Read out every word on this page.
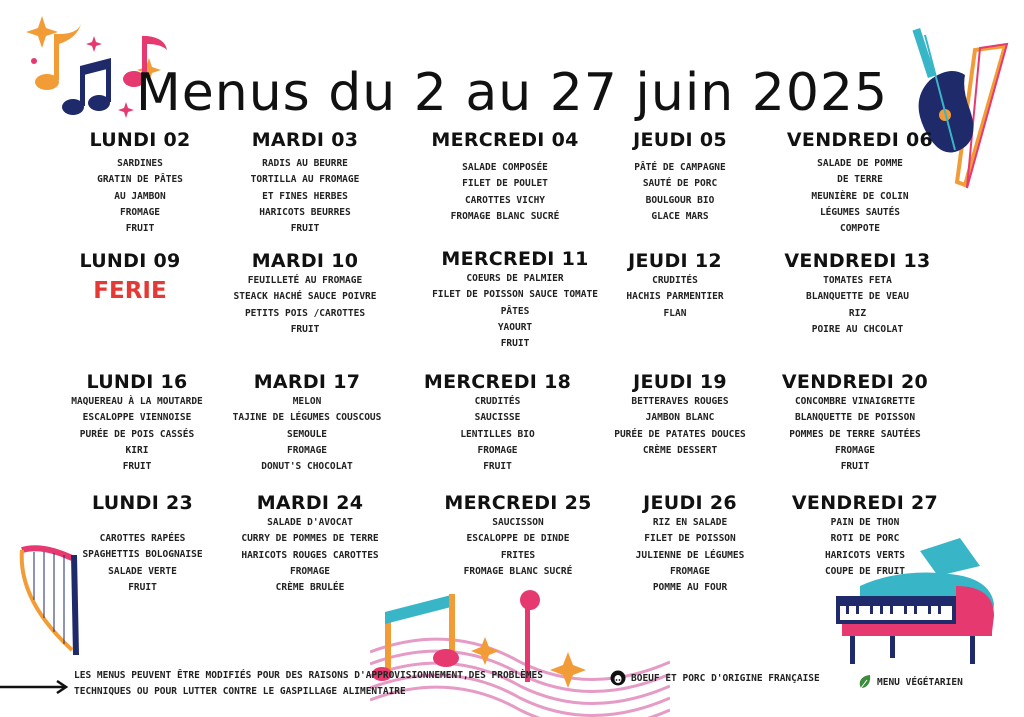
Menus du 2 au 27 juin 2025
LUNDI 02
SARDINES
GRATIN DE PÂTES
AU JAMBON
FROMAGE
FRUIT
MARDI 03
RADIS AU BEURRE
TORTILLA AU FROMAGE
ET FINES HERBES
HARICOTS BEURRES
FRUIT
MERCREDI 04
SALADE COMPOSÉE
FILET DE POULET
CAROTTES VICHY
FROMAGE BLANC SUCRÉ
JEUDI 05
PÂTÉ DE CAMPAGNE
SAUTÉ DE PORC
BOULGOUR BIO
GLACE MARS
VENDREDI 06
SALADE DE POMME
DE TERRE
MEUNIÈRE DE COLIN
LÉGUMES SAUTÉS
COMPOTE
LUNDI 09
FERIE
MARDI 10
FEUILLETÉ AU FROMAGE
STEACK HACHÉ SAUCE POIVRE
PETITS POIS /CAROTTES
FRUIT
MERCREDI 11
COEURS DE PALMIER
FILET DE POISSON SAUCE TOMATE
PÂTES
YAOURT
FRUIT
JEUDI 12
CRUDITÉS
HACHIS PARMENTIER
FLAN
VENDREDI 13
TOMATES FETA
BLANQUETTE DE VEAU
RIZ
POIRE AU CHCOLAT
LUNDI 16
MAQUEREAU À LA MOUTARDE
ESCALOPPE VIENNOISE
PURÉE DE POIS CASSÉS
KIRI
FRUIT
MARDI 17
MELON
TAJINE DE LÉGUMES COUSCOUS
SEMOULE
FROMAGE
DONUT'S CHOCOLAT
MERCREDI 18
CRUDITÉS
SAUCISSE
LENTILLES BIO
FROMAGE
FRUIT
JEUDI 19
BETTERAVES ROUGES
JAMBON BLANC
PURÉE DE PATATES DOUCES
CRÈME DESSERT
VENDREDI 20
CONCOMBRE VINAIGRETTE
BLANQUETTE DE POISSON
POMMES DE TERRE SAUTÉES
FROMAGE
FRUIT
LUNDI 23
CAROTTES RAPÉES
SPAGHETTIS BOLOGNAISE
SALADE VERTE
FRUIT
MARDI 24
SALADE D'AVOCAT
CURRY DE POMMES DE TERRE
HARICOTS ROUGES CAROTTES
FROMAGE
CRÈME BRULÉE
MERCREDI 25
SAUCISSON
ESCALOPPE DE DINDE
FRITES
FROMAGE BLANC SUCRÉ
JEUDI 26
RIZ EN SALADE
FILET DE POISSON
JULIENNE DE LÉGUMES
FROMAGE
POMME AU FOUR
VENDREDI 27
PAIN DE THON
ROTI DE PORC
HARICOTS VERTS
COUPE DE FRUIT
LES MENUS PEUVENT ÊTRE MODIFIÉS POUR DES RAISONS D'APPROVISIONNEMENT,DES PROBLÈMES
TECHNIQUES OU POUR LUTTER CONTRE LE GASPILLAGE ALIMENTAIRE
BOEUF ET PORC D'ORIGINE FRANÇAISE	MENU VÉGÉTARIEN
